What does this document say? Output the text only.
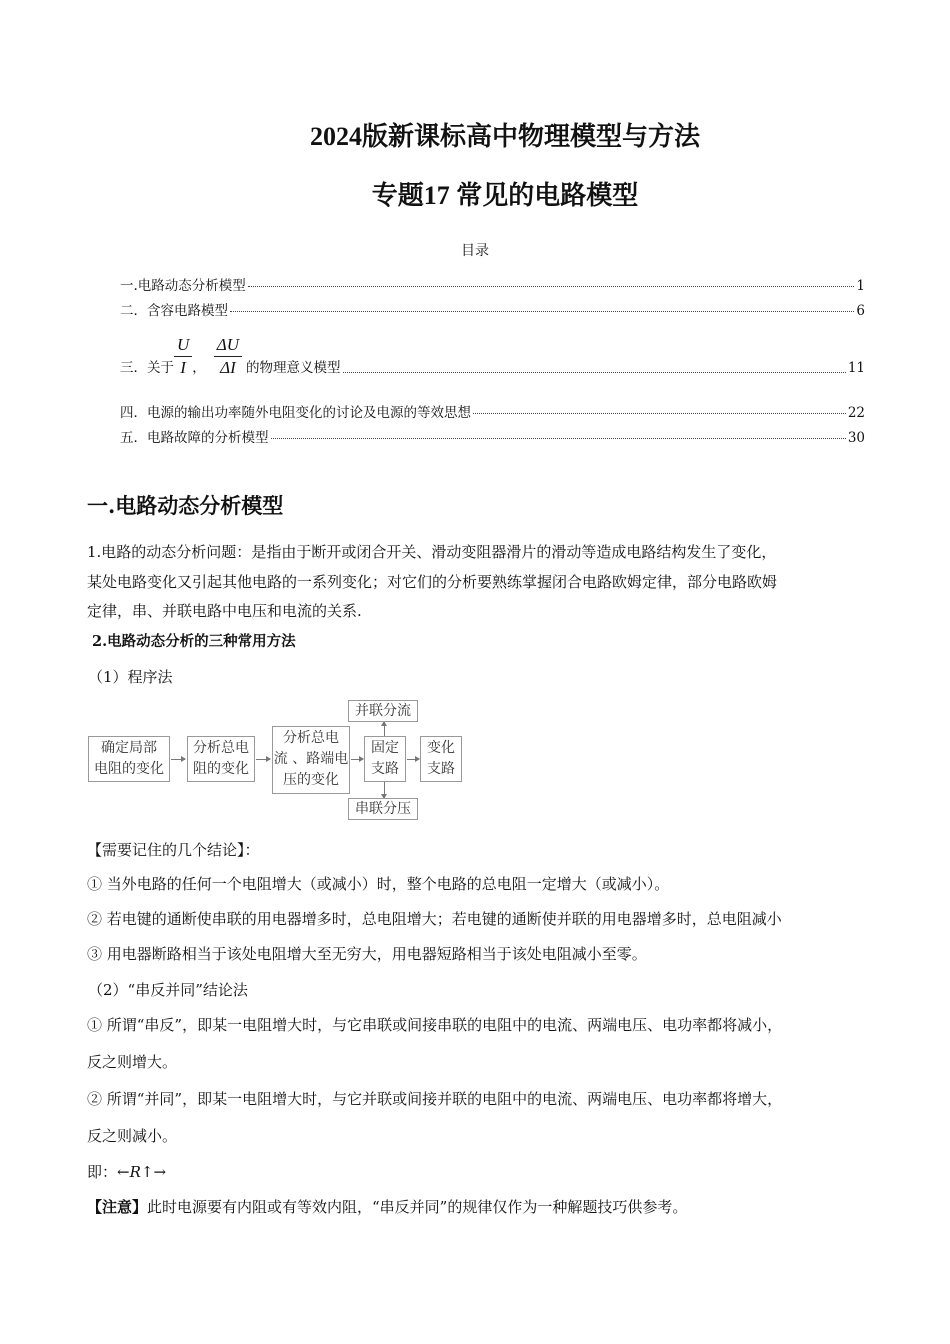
2024版新课标高中物理模型与方法
专题17 常见的电路模型
目录
一.电路动态分析模型	1
二．含容电路模型	6
三．关于 $\frac{U}{I}$ ， $\frac{\Delta U}{\Delta I}$ 的物理意义模型	11
四．电源的输出功率随外电阻变化的讨论及电源的等效思想	22
五．电路故障的分析模型	30
一.电路动态分析模型
1.电路的动态分析问题：是指由于断开或闭合开关、滑动变阻器滑片的滑动等造成电路结构发生了变化，
某处电路变化又引起其他电路的一系列变化；对它们的分析要熟练掌握闭合电路欧姆定律，部分电路欧姆
定律，串、并联电路中电压和电流的关系.
2.电路动态分析的三种常用方法
（1）程序法
确定局部
电阻的变化
分析总电
阻的变化
分析总电
流 、路端电
压的变化
固定
支路
并联分流
串联分压
变化
支路
【需要记住的几个结论】：
① 当外电路的任何一个电阻增大（或减小）时，整个电路的总电阻一定增大（或减小）。
② 若电键的通断使串联的用电器增多时，总电阻增大；若电键的通断使并联的用电器增多时，总电阻减小
③ 用电器断路相当于该处电阻增大至无穷大，用电器短路相当于该处电阻减小至零。
（2）“串反并同”结论法
① 所谓“串反”，即某一电阻增大时，与它串联或间接串联的电阻中的电流、两端电压、电功率都将减小，
反之则增大。
② 所谓“并同”，即某一电阻增大时，与它并联或间接并联的电阻中的电流、两端电压、电功率都将增大，
反之则减小。
即：←R↑→
【注意】此时电源要有内阻或有等效内阻，“串反并同”的规律仅作为一种解题技巧供参考。
